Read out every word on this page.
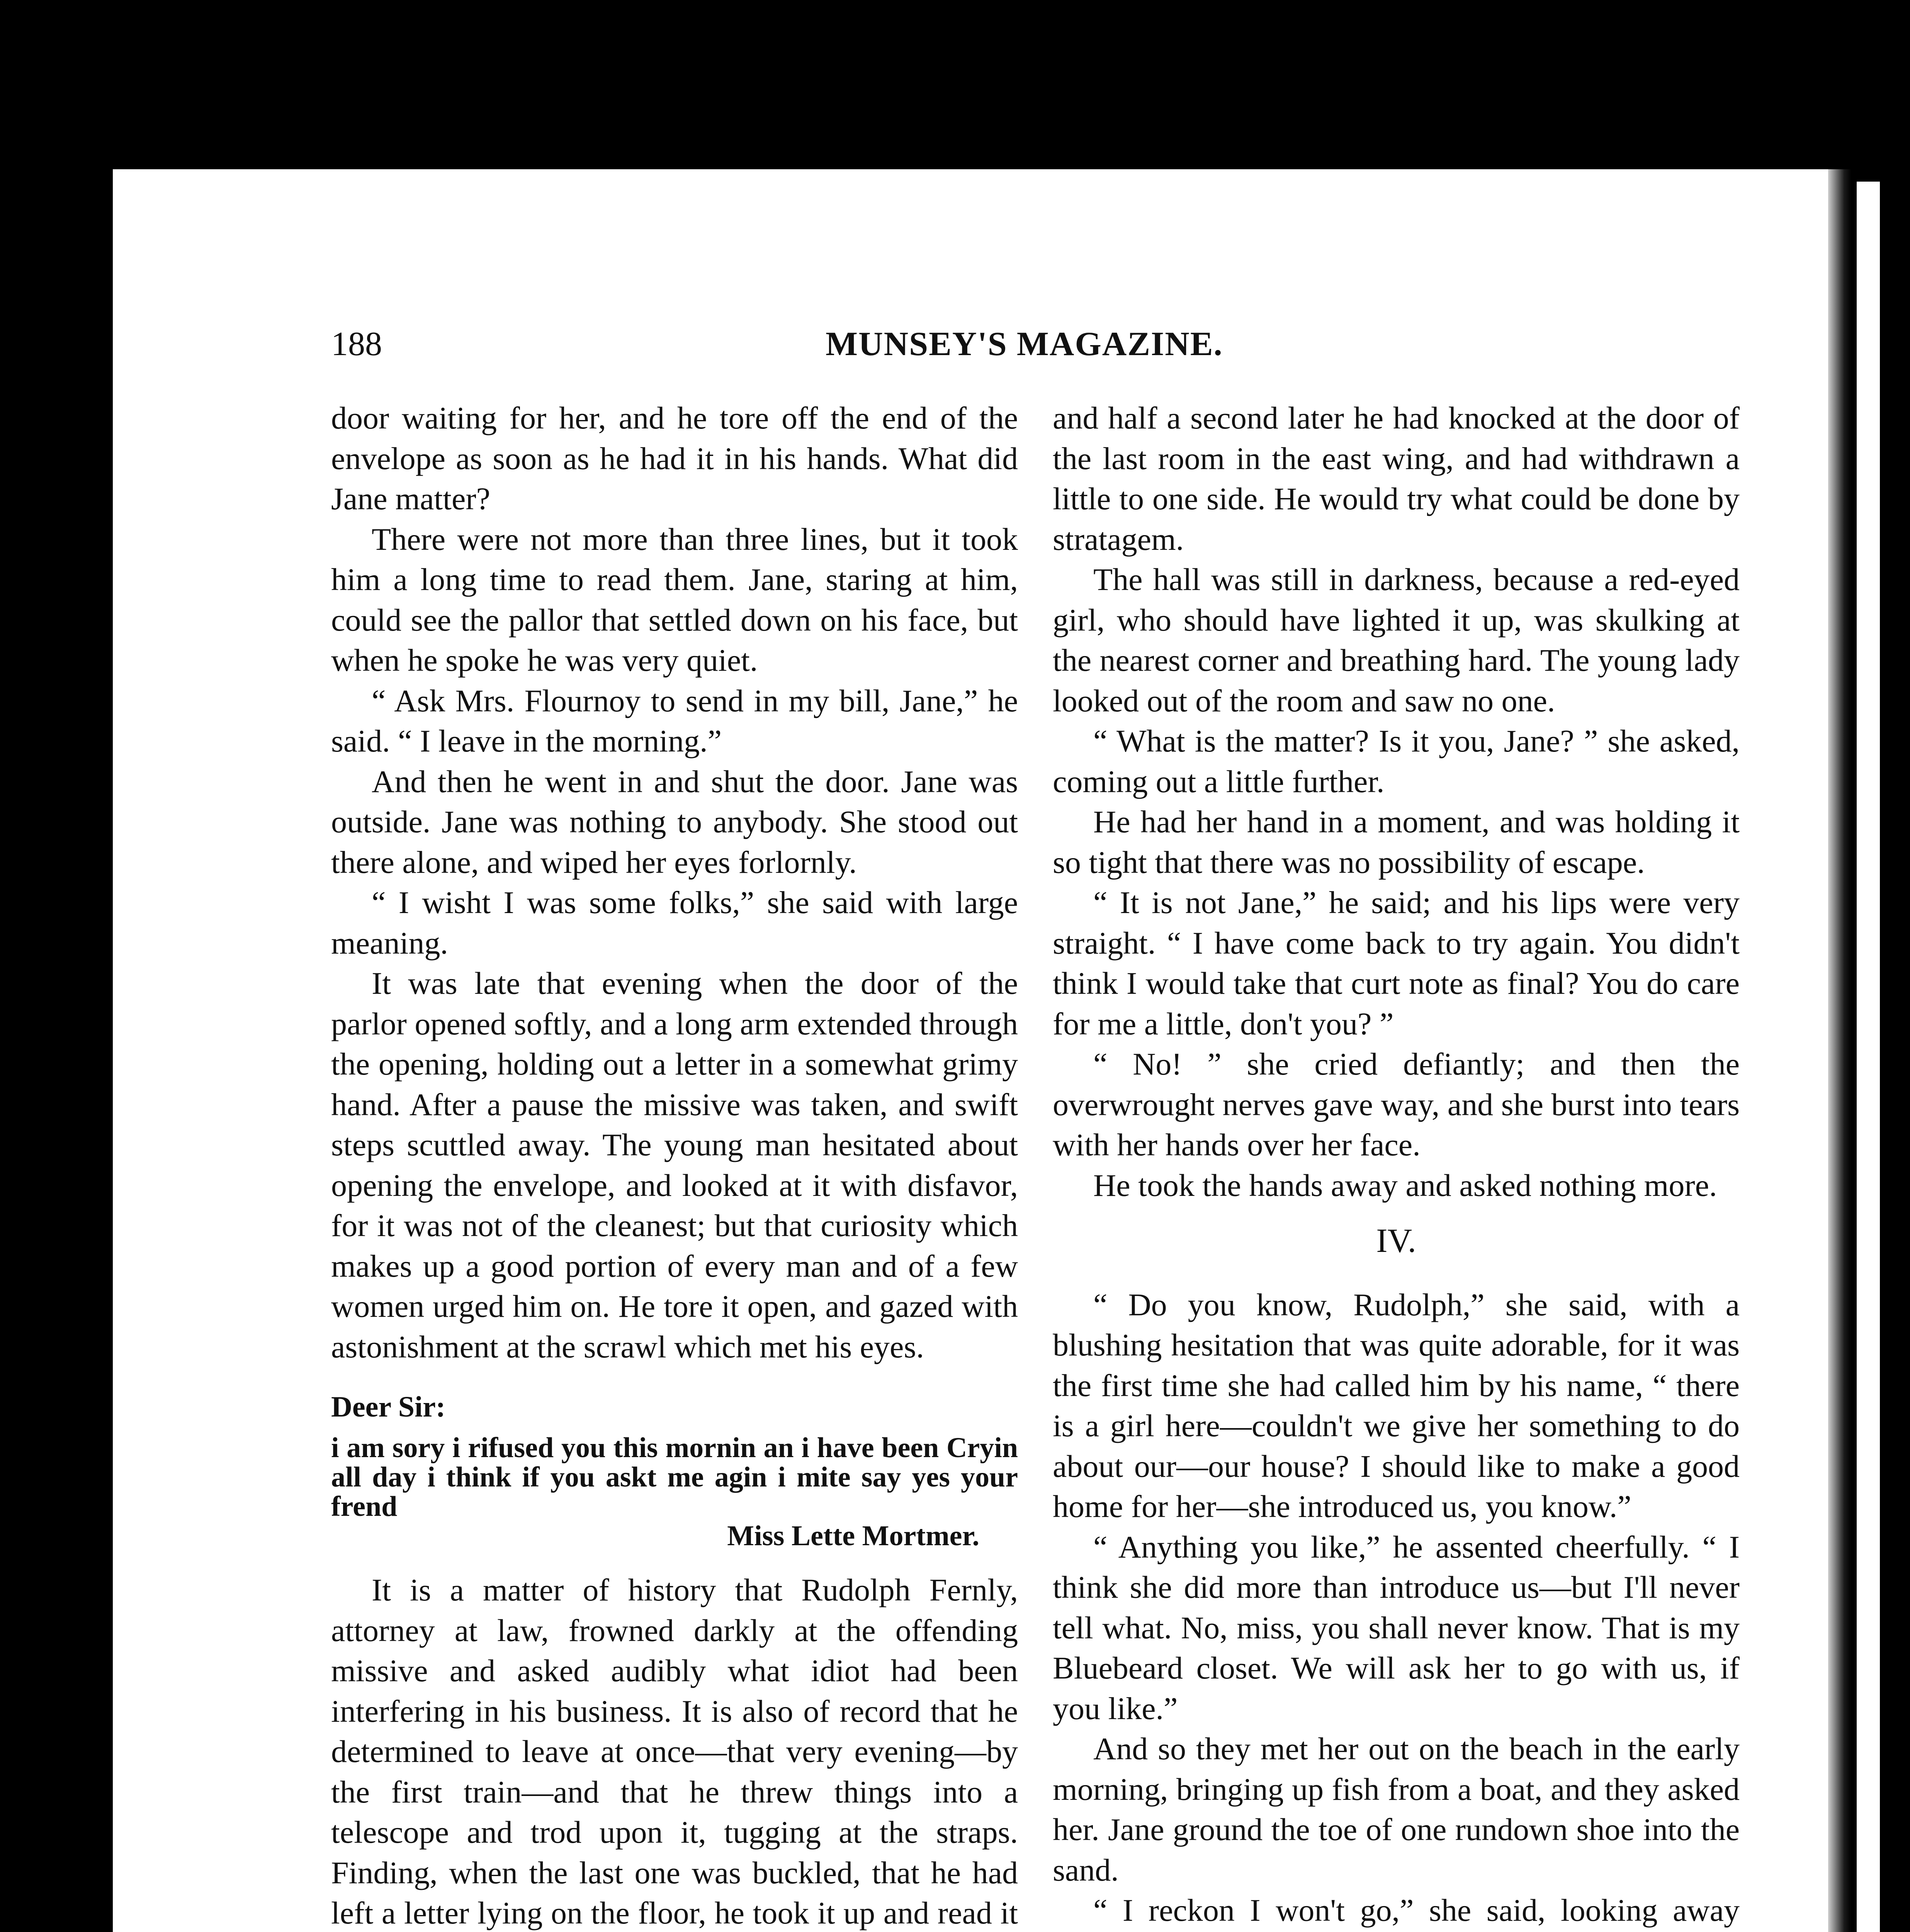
188	MUNSEY'S MAGAZINE.

door waiting for her, and he tore off the end of the envelope as soon as he had it in his hands. What did Jane matter?

There were not more than three lines, but it took him a long time to read them. Jane, staring at him, could see the pallor that settled down on his face, but when he spoke he was very quiet.

“ Ask Mrs. Flournoy to send in my bill, Jane,” he said. “ I leave in the morning.”

And then he went in and shut the door. Jane was outside. Jane was nothing to anybody. She stood out there alone, and wiped her eyes forlornly.

“ I wisht I was some folks,” she said with large meaning.

It was late that evening when the door of the parlor opened softly, and a long arm extended through the opening, holding out a letter in a somewhat grimy hand. After a pause the missive was taken, and swift steps scuttled away. The young man hesitated about opening the envelope, and looked at it with disfavor, for it was not of the cleanest; but that curiosity which makes up a good portion of every man and of a few women urged him on. He tore it open, and gazed with astonishment at the scrawl which met his eyes.

Deer Sir:
i am sory i rifused you this mornin an i have been Cryin all day i think if you askt me agin i mite say yes your frend
Miss Lette Mortmer.

It is a matter of history that Rudolph Fernly, attorney at law, frowned darkly at the offending missive and asked audibly what idiot had been interfering in his business. It is also of record that he determined to leave at once—that very evening—by the first train—and that he threw things into a telescope and trod upon it, tugging at the straps. Finding, when the last one was buckled, that he had left a letter lying on the floor, he took it up and read it

and half a second later he had knocked at the door of the last room in the east wing, and had withdrawn a little to one side. He would try what could be done by stratagem.

The hall was still in darkness, because a red-eyed girl, who should have lighted it up, was skulking at the nearest corner and breathing hard. The young lady looked out of the room and saw no one.

“ What is the matter? Is it you, Jane? ” she asked, coming out a little further.

He had her hand in a moment, and was holding it so tight that there was no possibility of escape.

“ It is not Jane,” he said; and his lips were very straight. “ I have come back to try again. You didn't think I would take that curt note as final? You do care for me a little, don't you? ”

“ No! ” she cried defiantly; and then the overwrought nerves gave way, and she burst into tears with her hands over her face.

He took the hands away and asked nothing more.

IV.

“ Do you know, Rudolph,” she said, with a blushing hesitation that was quite adorable, for it was the first time she had called him by his name, “ there is a girl here—couldn't we give her something to do about our—our house? I should like to make a good home for her—she introduced us, you know.”

“ Anything you like,” he assented cheerfully. “ I think she did more than introduce us—but I'll never tell what. No, miss, you shall never know. That is my Bluebeard closet. We will ask her to go with us, if you like.”

And so they met her out on the beach in the early morning, bringing up fish from a boat, and they asked her. Jane ground the toe of one rundown shoe into the sand.

“ I reckon I won't go,” she said, looking away
